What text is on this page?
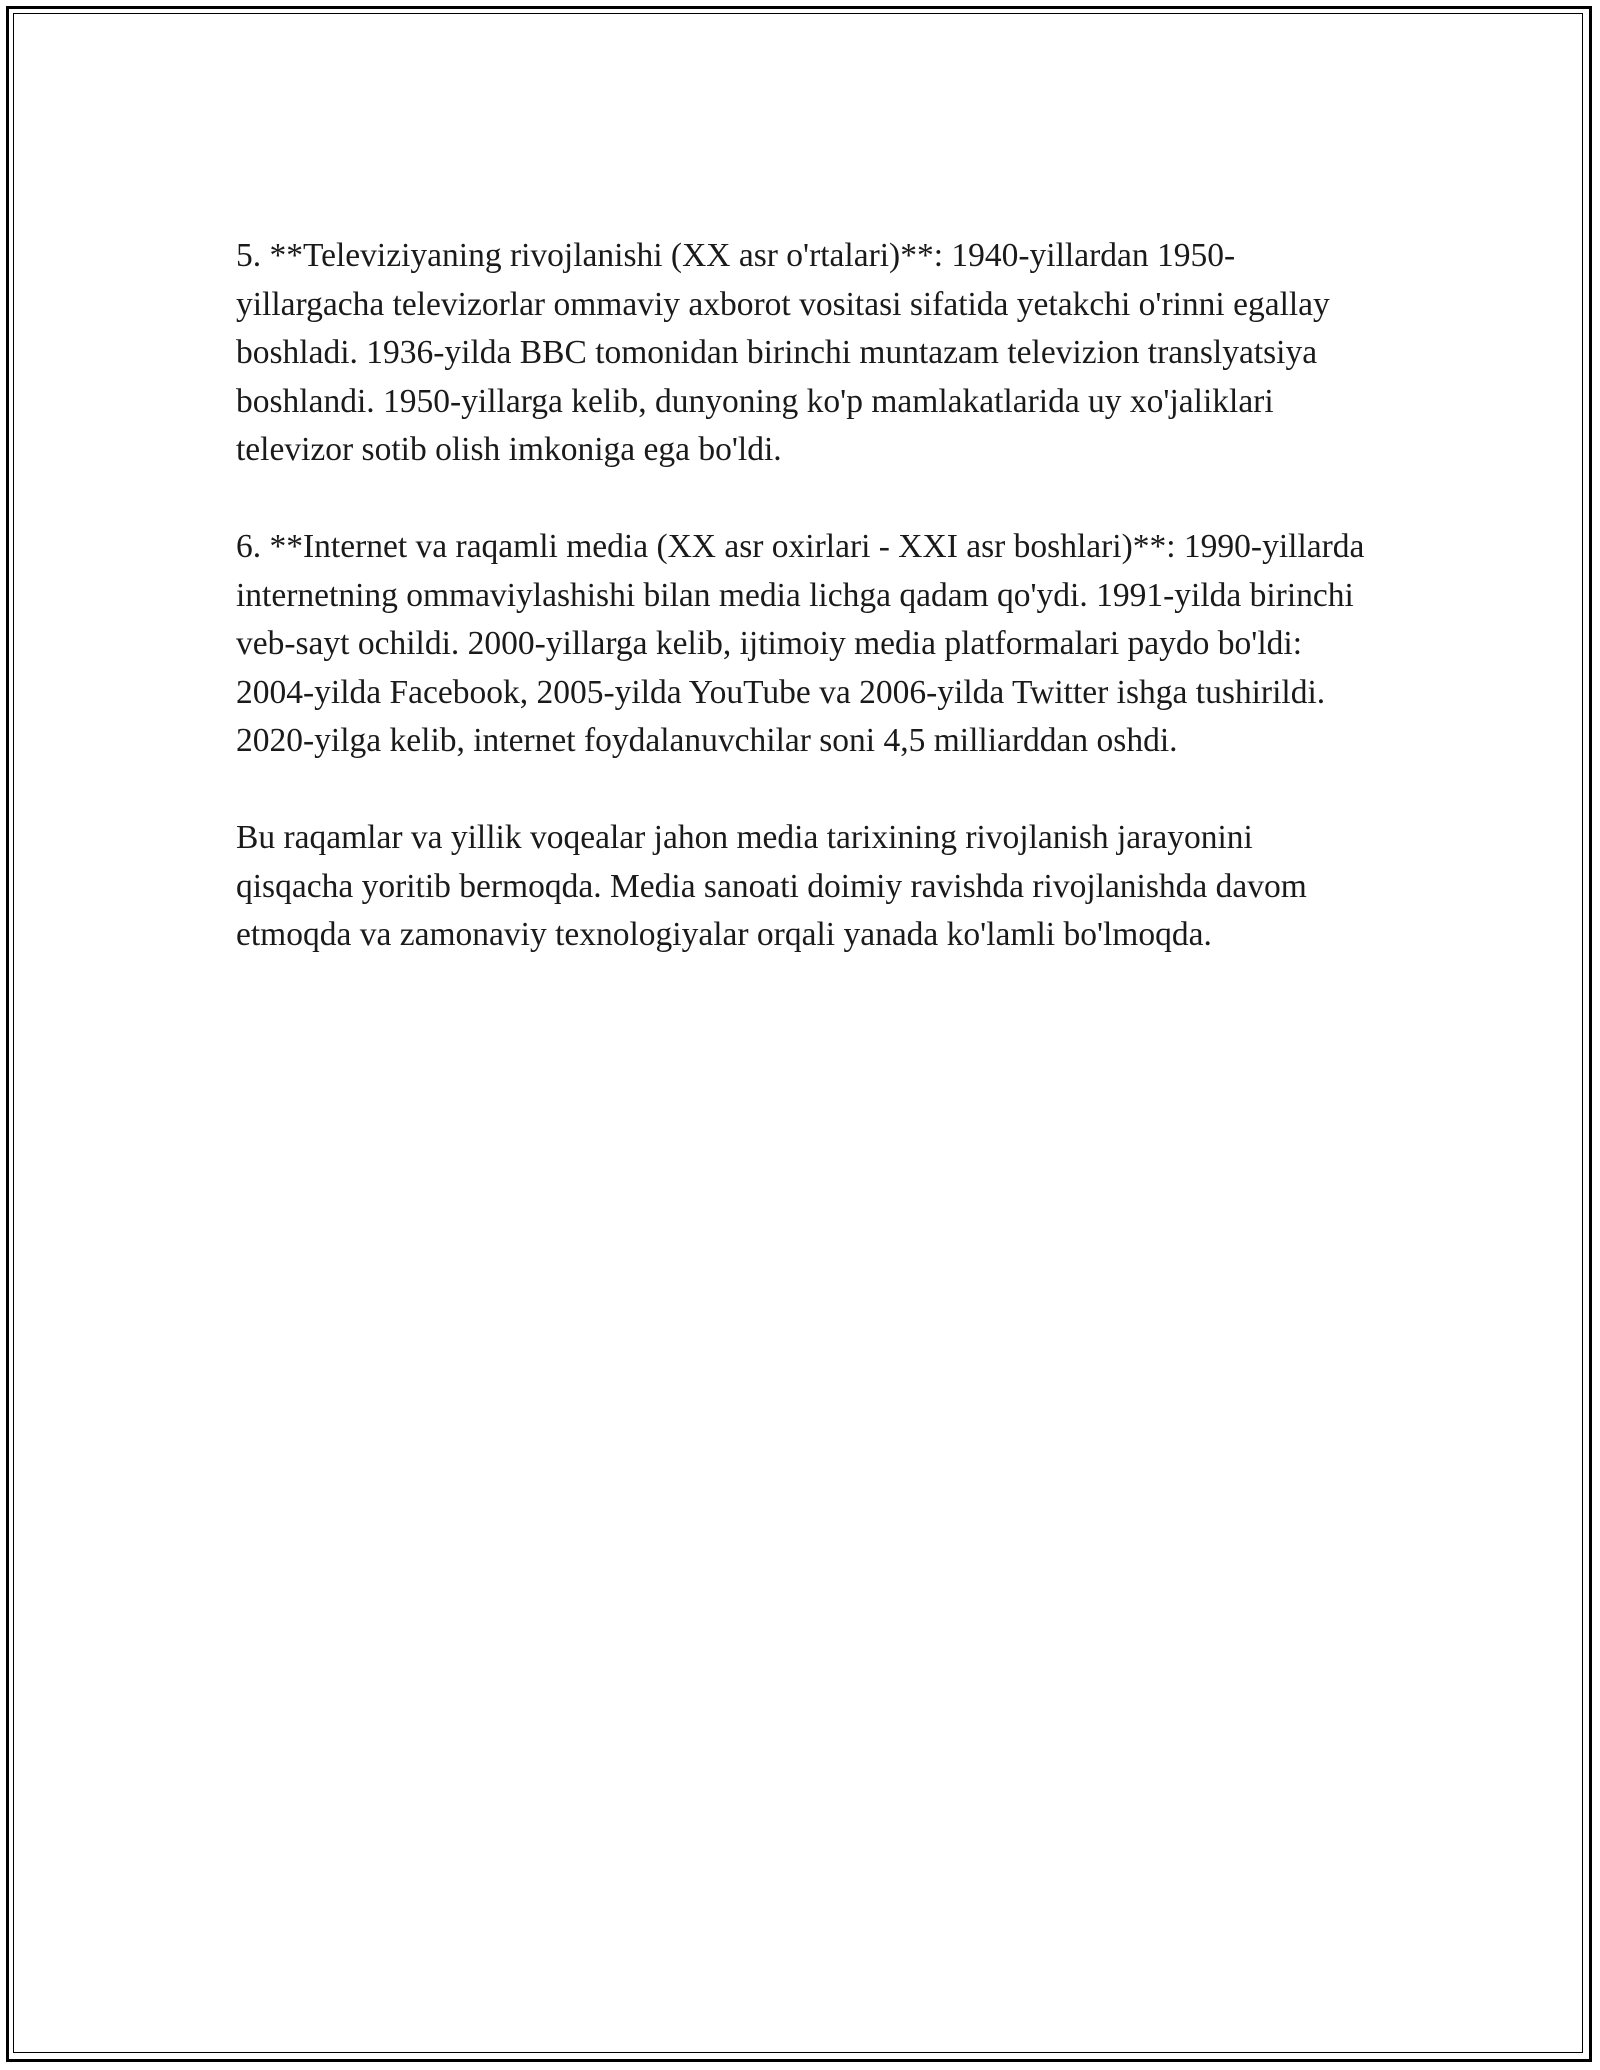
5. **Televiziyaning rivojlanishi (XX asr o'rtalari)**: 1940-yillardan 1950-yillargacha televizorlar ommaviy axborot vositasi sifatida yetakchi o'rinni egallay boshladi. 1936-yilda BBC tomonidan birinchi muntazam televizion translyatsiya boshlandi. 1950-yillarga kelib, dunyoning ko'p mamlakatlarida uy xo'jaliklari televizor sotib olish imkoniga ega bo'ldi.

6. **Internet va raqamli media (XX asr oxirlari - XXI asr boshlari)**: 1990-yillarda internetning ommaviylashishi bilan media lichga qadam qo'ydi. 1991-yilda birinchi veb-sayt ochildi. 2000-yillarga kelib, ijtimoiy media platformalari paydo bo'ldi: 2004-yilda Facebook, 2005-yilda YouTube va 2006-yilda Twitter ishga tushirildi. 2020-yilga kelib, internet foydalanuvchilar soni 4,5 milliarddan oshdi.

Bu raqamlar va yillik voqealar jahon media tarixining rivojlanish jarayonini qisqacha yoritib bermoqda. Media sanoati doimiy ravishda rivojlanishda davom etmoqda va zamonaviy texnologiyalar orqali yanada ko'lamli bo'lmoqda.
